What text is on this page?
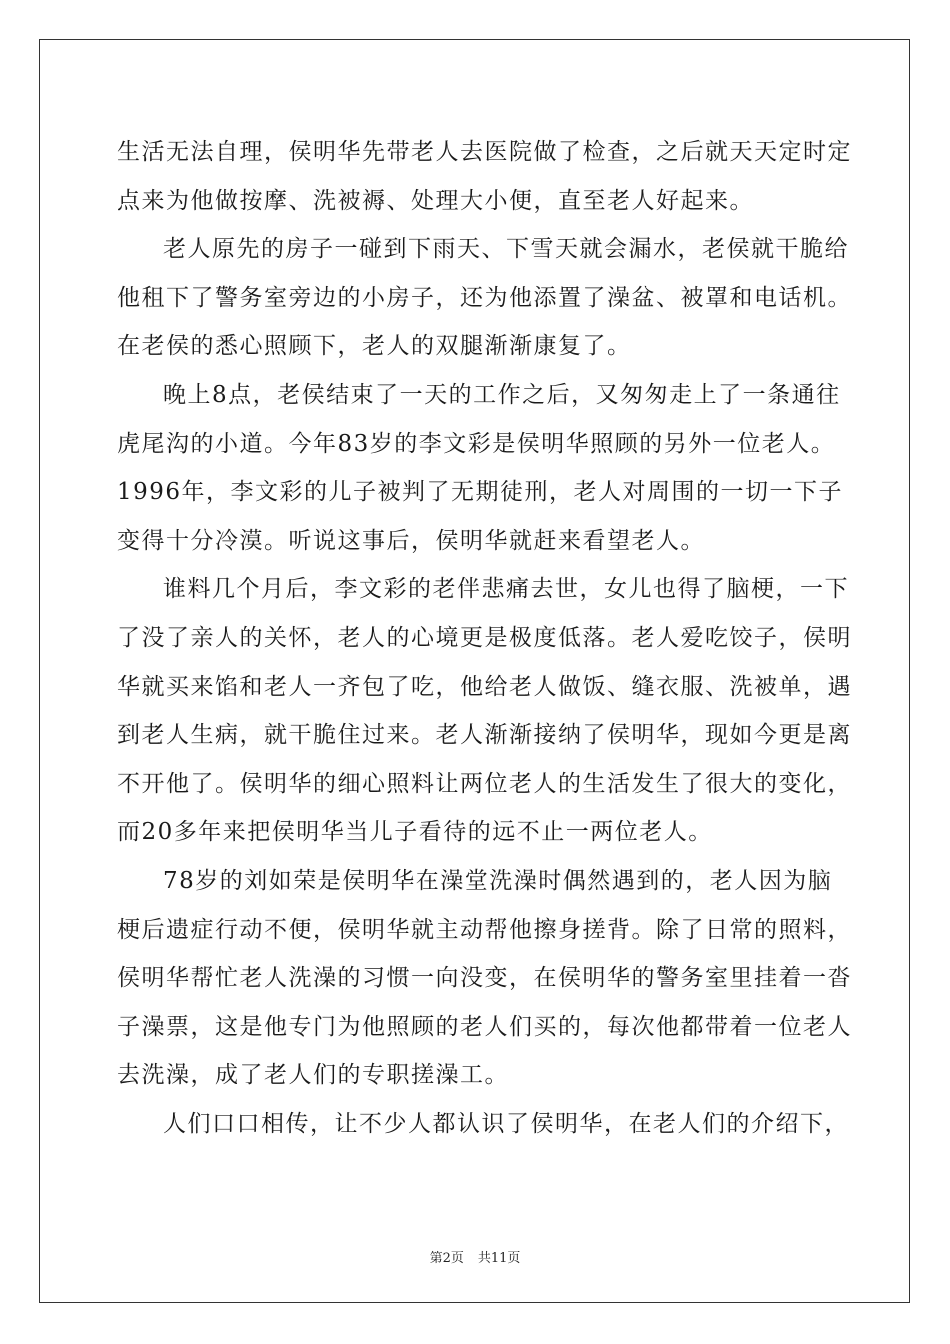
生活无法自理，侯明华先带老人去医院做了检查，之后就天天定时定
点来为他做按摩、洗被褥、处理大小便，直至老人好起来。
老人原先的房子一碰到下雨天、下雪天就会漏水，老侯就干脆给
他租下了警务室旁边的小房子，还为他添置了澡盆、被罩和电话机。
在老侯的悉心照顾下，老人的双腿渐渐康复了。
晚上8点，老侯结束了一天的工作之后，又匆匆走上了一条通往
虎尾沟的小道。今年83岁的李文彩是侯明华照顾的另外一位老人。
1996年，李文彩的儿子被判了无期徒刑，老人对周围的一切一下子
变得十分冷漠。听说这事后，侯明华就赶来看望老人。
谁料几个月后，李文彩的老伴悲痛去世，女儿也得了脑梗，一下
了没了亲人的关怀，老人的心境更是极度低落。老人爱吃饺子，侯明
华就买来馅和老人一齐包了吃，他给老人做饭、缝衣服、洗被单，遇
到老人生病，就干脆住过来。老人渐渐接纳了侯明华，现如今更是离
不开他了。侯明华的细心照料让两位老人的生活发生了很大的变化，
而20多年来把侯明华当儿子看待的远不止一两位老人。
78岁的刘如荣是侯明华在澡堂洗澡时偶然遇到的，老人因为脑
梗后遗症行动不便，侯明华就主动帮他擦身搓背。除了日常的照料，
侯明华帮忙老人洗澡的习惯一向没变，在侯明华的警务室里挂着一沓
子澡票，这是他专门为他照顾的老人们买的，每次他都带着一位老人
去洗澡，成了老人们的专职搓澡工。
人们口口相传，让不少人都认识了侯明华，在老人们的介绍下，
第2页 共11页
